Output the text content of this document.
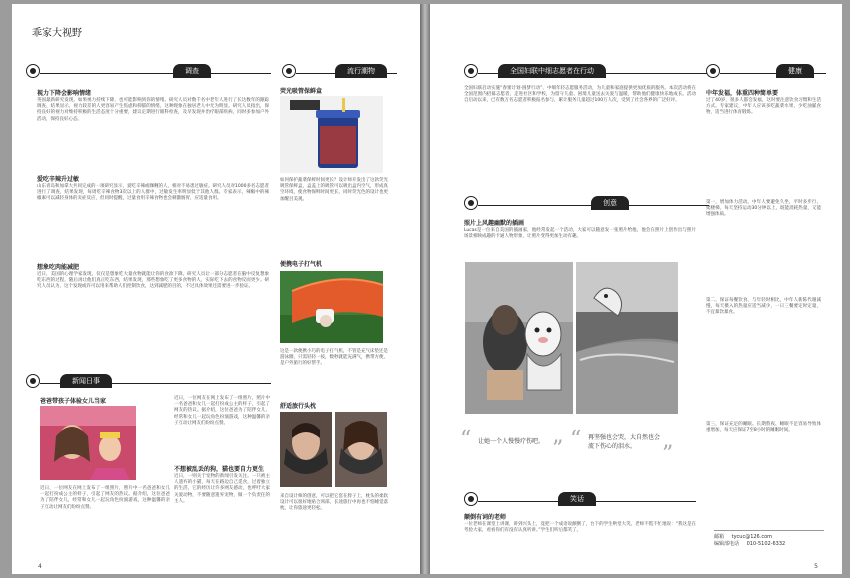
乖家大视野
调查
视力下降会影响情绪
英国最新研究发现，如果视力持续下降，也可能影响到你的情绪。研究人员对数千名中老年人进行了长达数年的跟踪调查，结果显示，视力较差的人更容易产生焦虑和抑郁的情绪，这种现象在独居老人中尤为明显。研究人员指出，保持良好的视力对维持积极的生活态度十分重要，建议定期进行眼科检查，及早发现并治疗眼部疾病，同时多参加户外活动，保持良好心态。
爱吃辛辣升过敏
山东青岛和加拿大共同完成的一项研究显示，爱吃辛辣或咖喱的人，相对不易患过敏症。研究人员对1000多名志愿者进行了调查，结果发现，每周吃辛辣食物3次以上的人群中，过敏发生率明显低于其他人群。专家表示，辣椒中的辣椒素可以减轻身体的炎症反应，但同时提醒，过量食用辛辣食物也会刺激肠胃，应适量食用。
想象吃肉能减肥
近日，美国的心理学家发现，仅仅是想象吃大量食物就能让你的食欲下降。研究人员让一部分志愿者在脑中反复想象吃东西的过程，随后再让他们真正吃东西，结果发现，那些想象吃了更多食物的人，实际吃下去的食物反而更少。研究人员认为，这个发现或许可以用来帮助人们控制饮食，达到减肥的目的，不过具体效果还需要进一步验证。
流行潮物
荧光吸管保鲜盒
如何保护蔬菜保鲜时间更长？设计师开发出了这款荧光吸管保鲜盒，盒盖上的吸管可以吸出盒内空气，形成真空环境，使食物保鲜时间更长，同时荧光色的设计也更加醒目美观。
便携电子打气机
这是一款便携小巧的电子打气机，不管是充气床垫还是游泳圈，只需轻轻一按，数秒就能充满气，携带方便，是户外旅行的好帮手。
舒适旅行头枕
来自设计师的创意，可以把它套在脖子上，枕头的柔软设计可以很好地贴合颈部，长途旅行中再也不怕睡觉落枕，让你旅途更轻松。
新闻日事
爸爸带孩子体验女儿当家
近日，一位网友在网上发布了一组照片，照片中一名爸爸和女儿一起打扮成公主的样子，引起了网友的热议。据介绍，这位爸爸为了陪伴女儿，经常和女儿一起玩角色扮演游戏，这种温馨的亲子互动让网友们纷纷点赞。
近日，一位网友在网上发布了一组照片，照片中一名爸爸和女儿一起打扮成公主的样子，引起了网友的热议。据介绍，这位爸爸为了陪伴女儿，经常和女儿一起玩角色扮演游戏，这种温馨的亲子互动让网友们纷纷点赞。
不想被乱丢的狗，猫也要自力更生
近日，一则关于宠物的新闻引发关注。一只被主人遗弃的小猫，每天在路边自己觅食，过着独立的生活，它的经历让许多网友感动，也呼吁大家关爱动物，不要随意遗弃宠物，做一个负责任的主人。
4
全国妇联中细志愿者在行动
全国妇联启动实施“春蕾计划·圆梦行动”，中细年轻志愿服务活动，为儿童和家庭提供更加优质的服务。本次活动将在全国范围内招募志愿者，走进社区和学校，为留守儿童、困境儿童送去关爱与温暖，帮助他们健康快乐地成长。活动自启动以来，已有数万名志愿者积极报名参与，累计服务儿童超过100万人次，受到了社会各界的广泛好评。
创意
照片上风趣幽默的插画
Lucas是一位来自美国的插画家，他经常发起一个活动，大家可以随意发一张照片给他，他会在照片上创作出与照片场景相映成趣的卡通人物形象，让照片变得更加生动有趣。
“ 让她一个人慢慢疗伤吧。 ” “ 再坚强也会哭，大自然也会流下伤心的泪水。	”
笑话
颠倒有词的老师
一位老师在课堂上讲课，讲到兴头上，竟把一个成语说颠倒了，台下的学生哄堂大笑。老师不慌不忙地说：“我这是在考验大家，看看你们有没有认真听讲。”学生们听后都笑了。
健康
中年发福，体重四种简单要
过了40岁，很多人都会发福，这时要注意饮食习惯和生活方式。专家建议，中年人应该多吃蔬菜水果，少吃油腻食物，适当进行体育锻炼。
第一，增加体力活动。中年人要避免久坐，平时多步行、爬楼梯，每天坚持运动30分钟以上，既能消耗热量，又能增强体质。
第二，保证每餐饮食，与年轻时相比，中年人新陈代谢减慢，每天摄入的热量应适当减少，一日三餐要定时定量，不宜暴饮暴食。
第三，保证充足的睡眠。长期熬夜、睡眠不足容易导致体重增加，每天应保证7至8小时的睡眠时间。
邮箱 tycuc@126.com
编辑部电话 010-5102-6332
5
